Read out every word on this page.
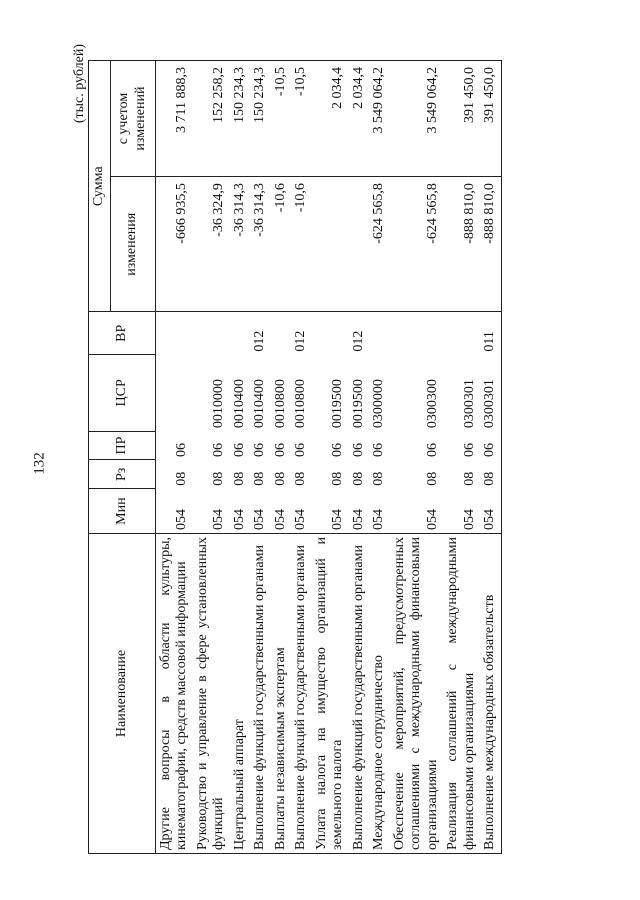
132
(тыс. рублей)
Наименование	Мин	Рз	ПР	ЦСР	ВР	Сумма	
						изменения	с учетом изменений
Другие вопросы в области культуры, кинематографии, средств массовой информации	054	08	06			-666 935,5	3 711 888,3
Руководство и управление в сфере установленных функций	054	08	06	0010000		-36 324,9	152 258,2
Центральный аппарат	054	08	06	0010400		-36 314,3	150 234,3
Выполнение функций государственными органами	054	08	06	0010400	012	-36 314,3	150 234,3
Выплаты независимым экспертам	054	08	06	0010800		-10,6	-10,5
Выполнение функций государственными органами	054	08	06	0010800	012	-10,6	-10,5
Уплата налога на имущество организаций и земельного налога	054	08	06	0019500			2 034,4
Выполнение функций государственными органами	054	08	06	0019500	012		2 034,4
Международное сотрудничество	054	08	06	0300000		-624 565,8	3 549 064,2
Обеспечение мероприятий, предусмотренных соглашениями с международными финансовыми организациями	054	08	06	0300300		-624 565,8	3 549 064,2
Реализация соглашений с международными финансовыми организациями	054	08	06	0300301		-888 810,0	391 450,0
Выполнение международных обязательств	054	08	06	0300301	011	-888 810,0	391 450,0
